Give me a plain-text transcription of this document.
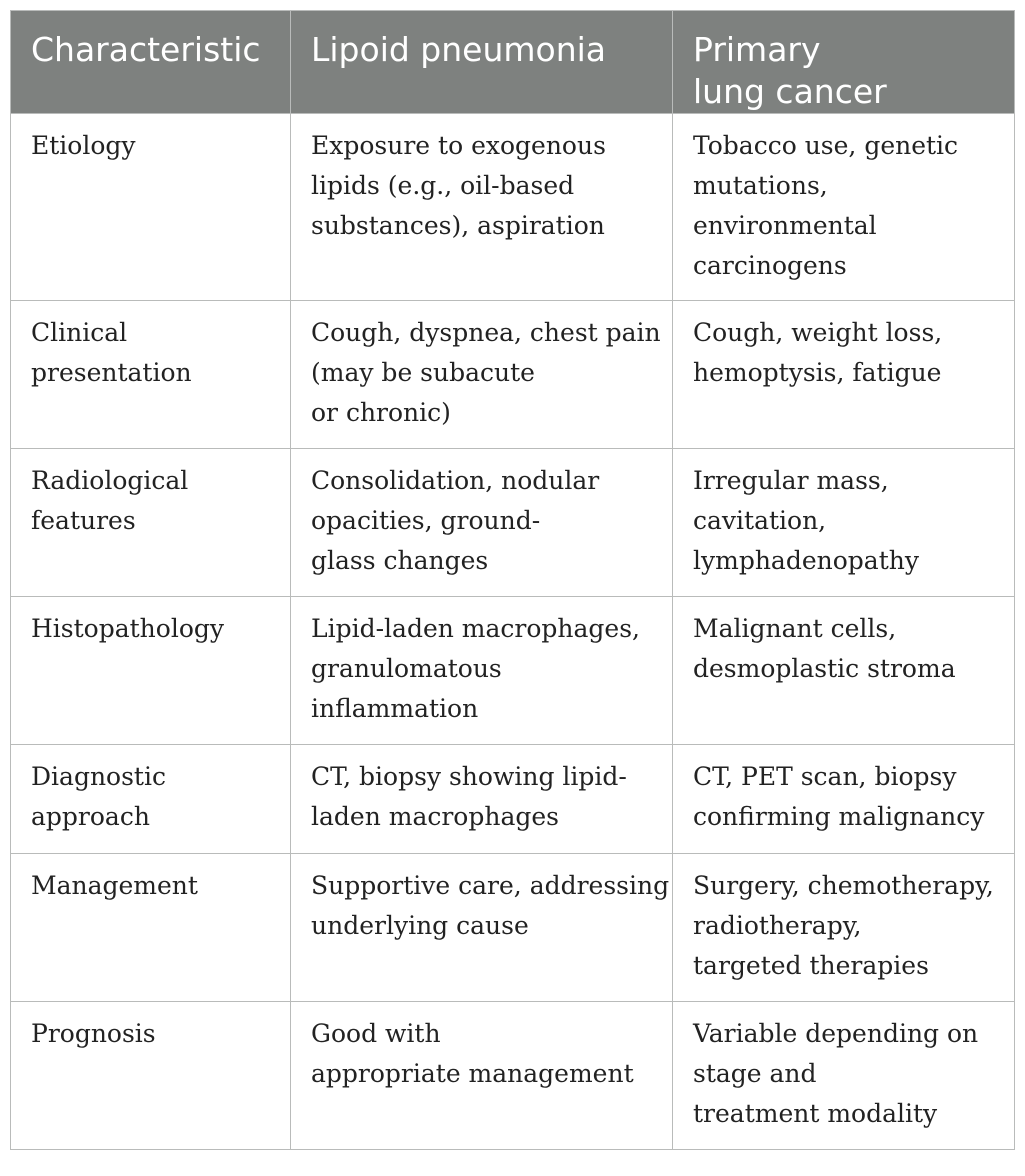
Characteristic	Lipoid pneumonia	Primary
lung cancer

Etiology	Exposure to exogenous
lipids (e.g., oil-based
substances), aspiration	Tobacco use, genetic
mutations,
environmental
carcinogens

Clinical
presentation	Cough, dyspnea, chest pain
(may be subacute
or chronic)	Cough, weight loss,
hemoptysis, fatigue

Radiological
features	Consolidation, nodular
opacities, ground-
glass changes	Irregular mass,
cavitation,
lymphadenopathy

Histopathology	Lipid-laden macrophages,
granulomatous
inflammation	Malignant cells,
desmoplastic stroma

Diagnostic
approach	CT, biopsy showing lipid-
laden macrophages	CT, PET scan, biopsy
confirming malignancy

Management	Supportive care, addressing
underlying cause	Surgery, chemotherapy,
radiotherapy,
targeted therapies

Prognosis	Good with
appropriate management	Variable depending on
stage and
treatment modality
